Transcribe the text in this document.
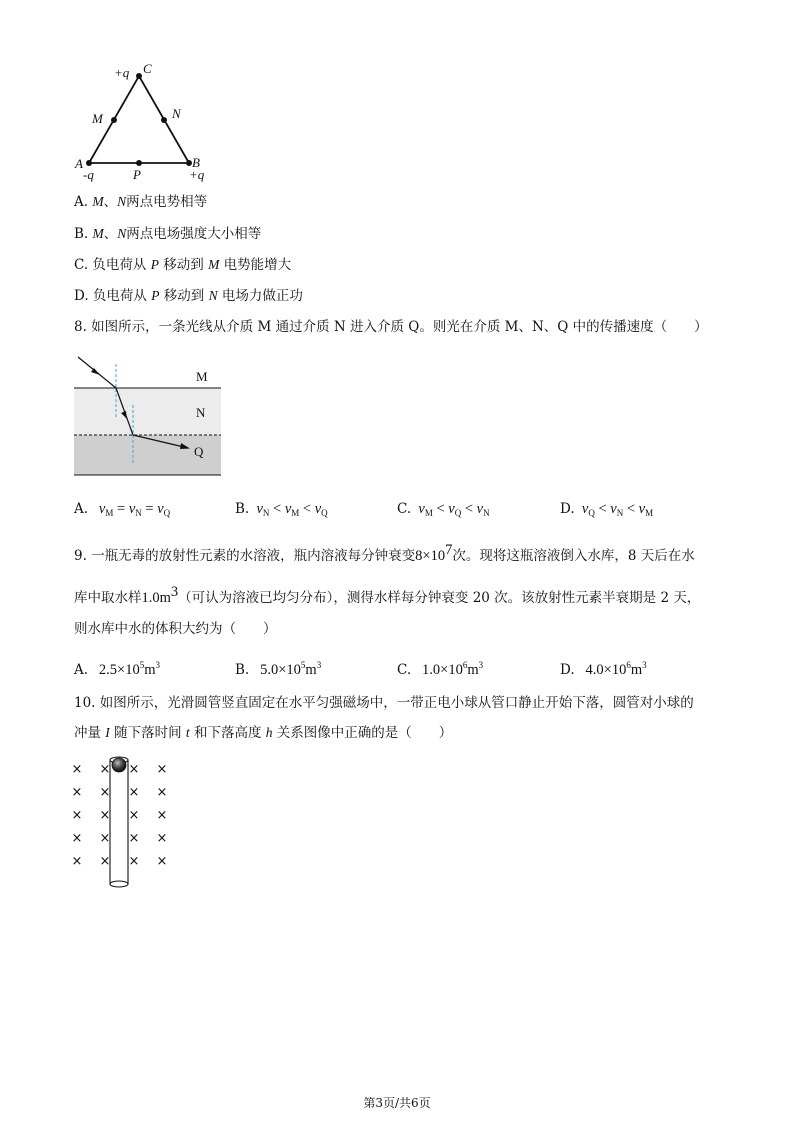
+q C
M	N
A
-q	P
B
+q
A. M、N两点电势相等
B. M、N两点电场强度大小相等
C. 负电荷从 P 移动到 M 电势能增大
D. 负电荷从 P 移动到 N 电场力做正功
8. 如图所示，一条光线从介质 M 通过介质 N 进入介质 Q。则光在介质 M、N、Q 中的传播速度（　　）
M
N
Q
A. $v_M = v_N = v_Q$	B. $v_N < v_M < v_Q$	C. $v_M < v_Q < v_N$	D. $v_Q < v_N < v_M$
9. 一瓶无毒的放射性元素的水溶液，瓶内溶液每分钟衰变$8\times 10^7$次。现将这瓶溶液倒入水库，8 天后在水
库中取水样$1.0m^3$（可认为溶液已均匀分布），测得水样每分钟衰变 20 次。该放射性元素半衰期是 2 天，
则水库中水的体积大约为（　　）
A. $2.5\times 10^5m^3$	B. $5.0\times 10^5m^3$	C. $1.0\times 10^6m^3$	D. $4.0\times 10^6m^3$
10. 如图所示，光滑圆管竖直固定在水平匀强磁场中，一带正电小球从管口静止开始下落，圆管对小球的
冲量 I 随下落时间 t 和下落高度 h 关系图像中正确的是（　　）
× × × ×
× × × ×
× × × ×
× × × ×
× × × ×
第3页/共6页
